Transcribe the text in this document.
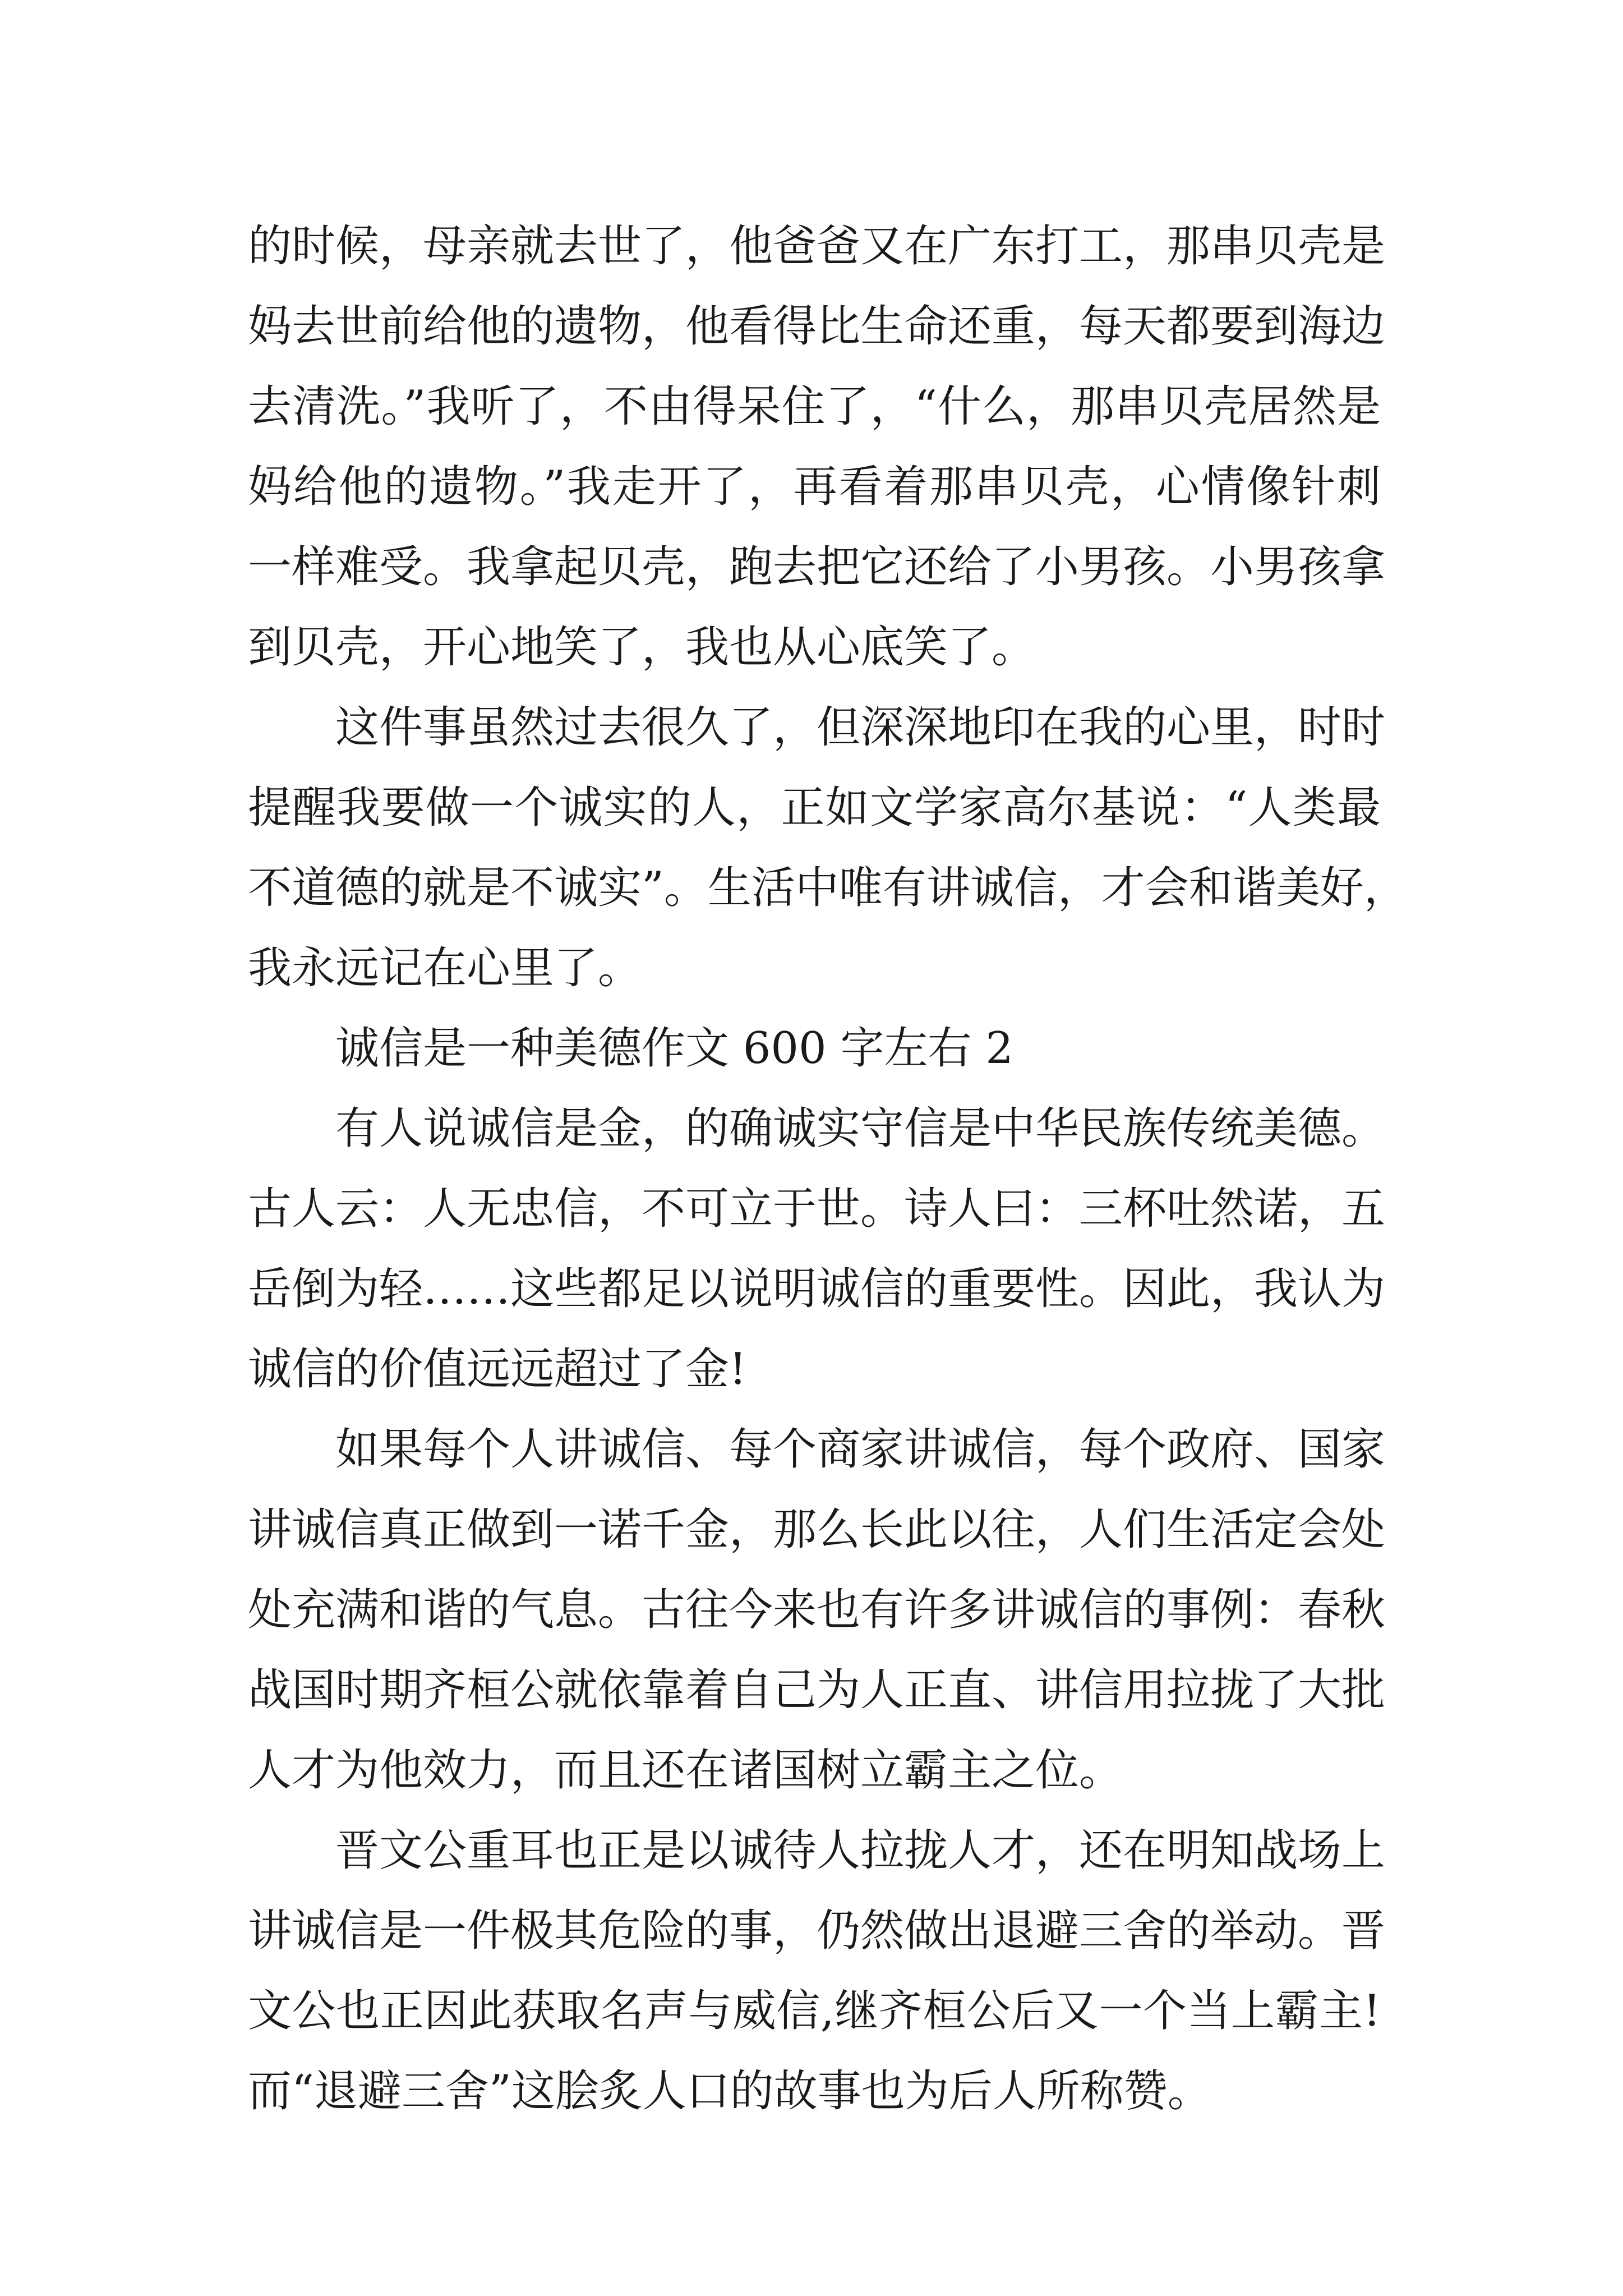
的时候，母亲就去世了，他爸爸又在广东打工，那串贝壳是
妈去世前给他的遗物，他看得比生命还重，每天都要到海边
去清洗。”我听了，不由得呆住了，“什么，那串贝壳居然是
妈给他的遗物。”我走开了，再看着那串贝壳，心情像针刺
一样难受。我拿起贝壳，跑去把它还给了小男孩。小男孩拿
到贝壳，开心地笑了，我也从心底笑了。
这件事虽然过去很久了，但深深地印在我的心里，时时
提醒我要做一个诚实的人，正如文学家高尔基说：“人类最
不道德的就是不诚实”。生活中唯有讲诚信，才会和谐美好，
我永远记在心里了。
诚信是一种美德作文 600 字左右 2
有人说诚信是金，的确诚实守信是中华民族传统美德。
古人云：人无忠信，不可立于世。诗人曰：三杯吐然诺，五
岳倒为轻……这些都足以说明诚信的重要性。因此，我认为
诚信的价值远远超过了金!
如果每个人讲诚信、每个商家讲诚信，每个政府、国家
讲诚信真正做到一诺千金，那么长此以往，人们生活定会处
处充满和谐的气息。古往今来也有许多讲诚信的事例：春秋
战国时期齐桓公就依靠着自己为人正直、讲信用拉拢了大批
人才为他效力，而且还在诸国树立霸主之位。
晋文公重耳也正是以诚待人拉拢人才，还在明知战场上
讲诚信是一件极其危险的事，仍然做出退避三舍的举动。晋
文公也正因此获取名声与威信,继齐桓公后又一个当上霸主!
而“退避三舍”这脍炙人口的故事也为后人所称赞。
